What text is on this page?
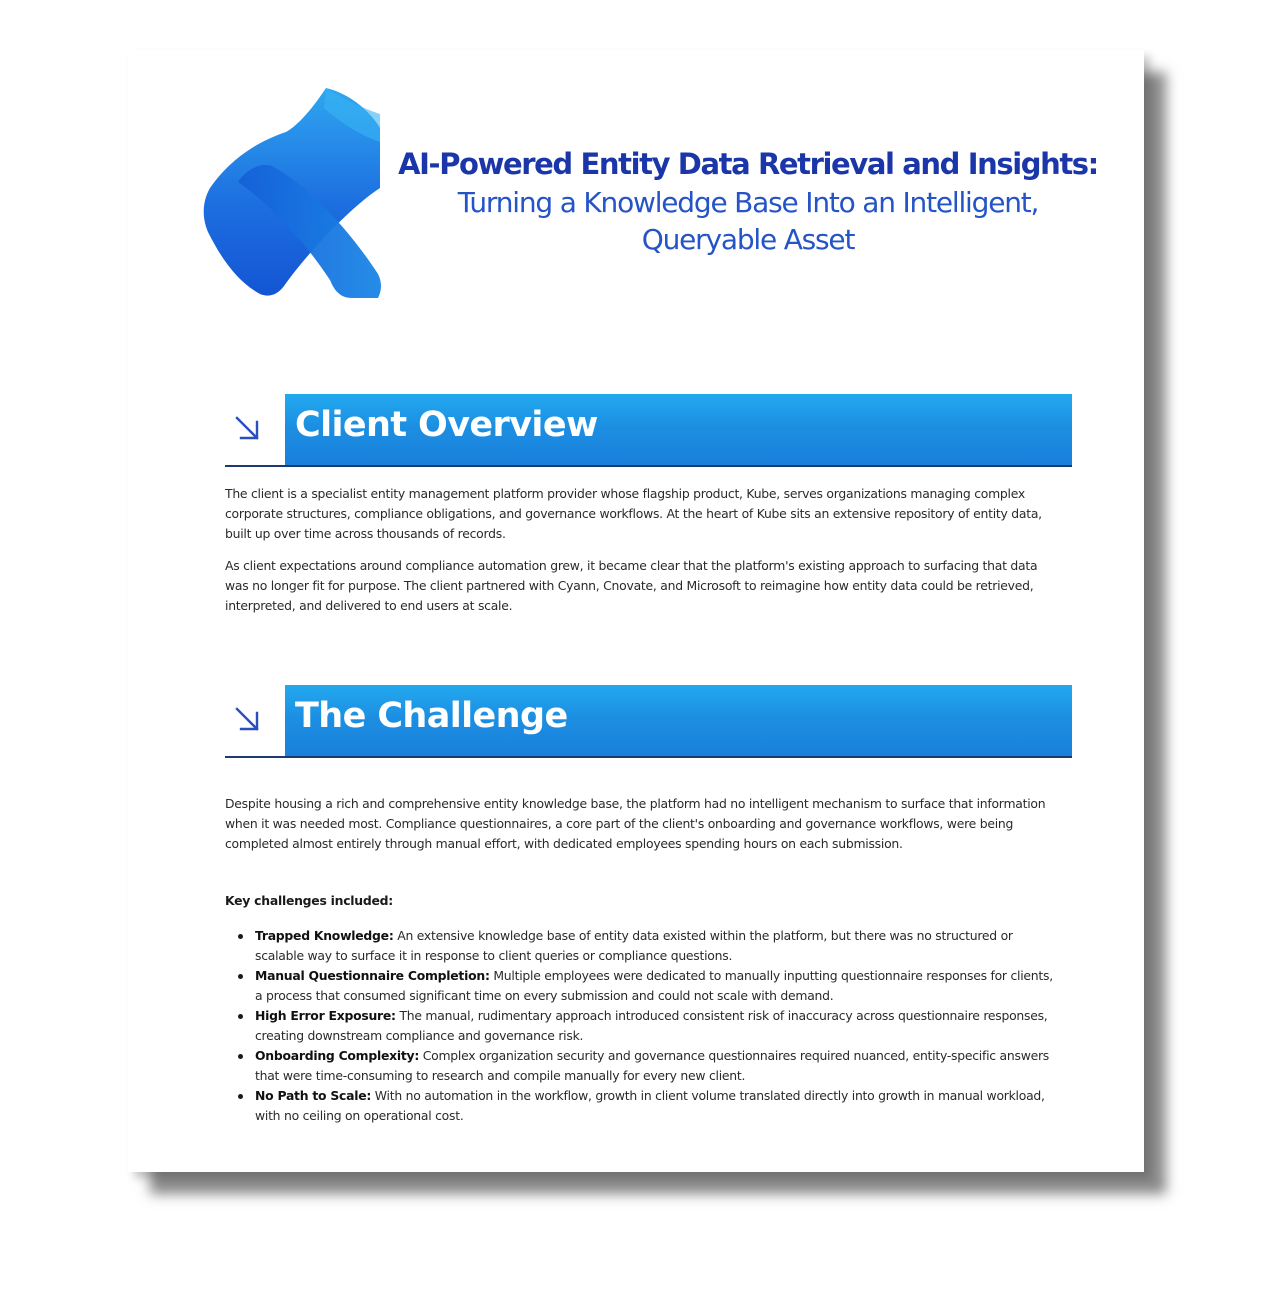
AI-Powered Entity Data Retrieval and Insights:
Turning a Knowledge Base Into an Intelligent,
Queryable Asset
Client Overview

The client is a specialist entity management platform provider whose flagship product, Kube, serves organizations managing complex corporate structures, compliance obligations, and governance workflows. At the heart of Kube sits an extensive repository of entity data, built up over time across thousands of records.

As client expectations around compliance automation grew, it became clear that the platform's existing approach to surfacing that data was no longer fit for purpose. The client partnered with Cyann, Cnovate, and Microsoft to reimagine how entity data could be retrieved, interpreted, and delivered to end users at scale.

The Challenge

Despite housing a rich and comprehensive entity knowledge base, the platform had no intelligent mechanism to surface that information when it was needed most. Compliance questionnaires, a core part of the client's onboarding and governance workflows, were being completed almost entirely through manual effort, with dedicated employees spending hours on each submission.

Key challenges included:
Trapped Knowledge: An extensive knowledge base of entity data existed within the platform, but there was no structured or scalable way to surface it in response to client queries or compliance questions.
Manual Questionnaire Completion: Multiple employees were dedicated to manually inputting questionnaire responses for clients, a process that consumed significant time on every submission and could not scale with demand.
High Error Exposure: The manual, rudimentary approach introduced consistent risk of inaccuracy across questionnaire responses, creating downstream compliance and governance risk.
Onboarding Complexity: Complex organization security and governance questionnaires required nuanced, entity-specific answers that were time-consuming to research and compile manually for every new client.
No Path to Scale: With no automation in the workflow, growth in client volume translated directly into growth in manual workload, with no ceiling on operational cost.
